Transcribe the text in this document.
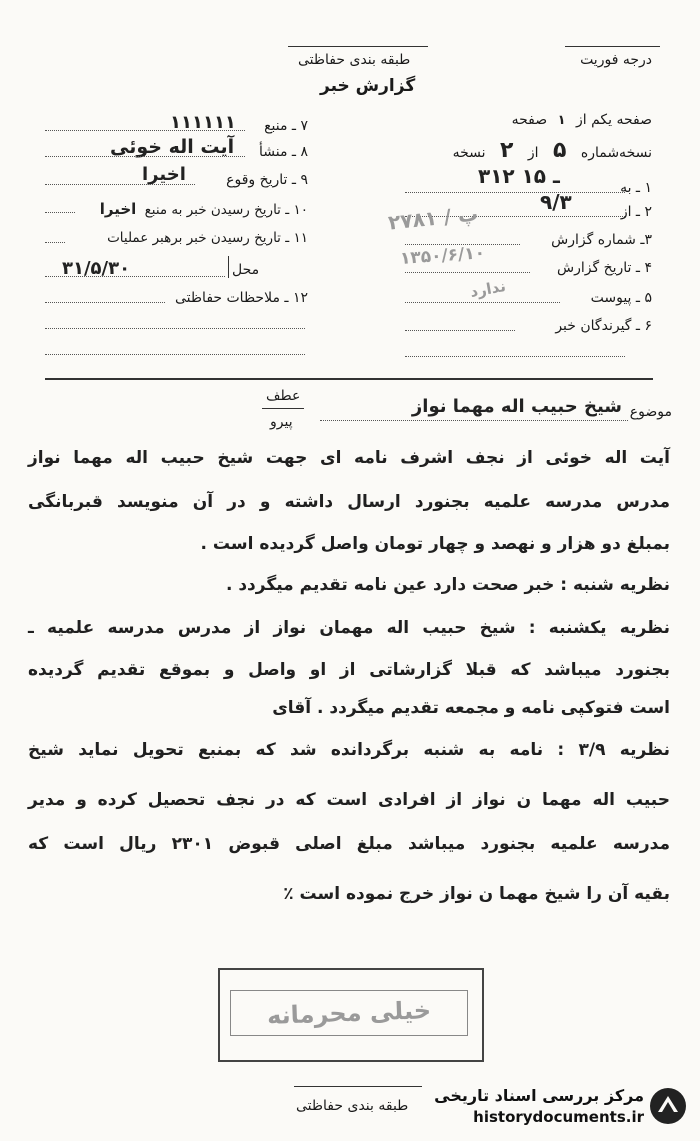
درجه فوریت
طبقه بندی حفاظتی
گزارش خبر
صفحه یکم از ۱ صفحه
نسخه‌شماره ۵ از ۲ نسخه
۱ ـ به
۳۱۲ ـ ۱۵
۲ ـ از
۹/۳
۳ـ شماره گزارش
۲۷۸۱ / پ
۴ ـ تاریخ گزارش
۱۳۵۰/۶/۱۰
۵ ـ پیوست
ندارد
۶ ـ گیرندگان خبر
۷ ـ منبع
۱۱۱۱۱۱
۸ ـ منشأ
آیت اله خوئی
۹ ـ تاریخ وقوع
اخیرا
۱۰ ـ تاریخ رسیدن خبر به منبع اخیرا
۱۱ ـ تاریخ رسیدن خبر برهبر عملیات
محل
۳۱/۵/۳۰
۱۲ ـ ملاحظات حفاظتی
موضوع
شیخ حبیب اله مهما نواز
عطف
پیرو
آیت اله خوئی از نجف اشرف نامه ای جهت شیخ حبیب اله مهما نواز
مدرس مدرسه علمیه بجنورد ارسال داشته و در آن منویسد قبربانگی
بمبلغ دو هزار و نهصد و چهار تومان واصل گردیده است .
نظریه شنبه : خبر صحت دارد عین نامه تقدیم میگردد .
نظریه یکشنبه : شیخ حبیب اله مهمان نواز از مدرس مدرسه علمیه ـ
بجنورد میباشد که قبلا گزارشاتی از او واصل و بموقع تقدیم گردیده
است فتوکپی نامه و مجمعه تقدیم میگردد . آقای
نظریه ۳/۹ : نامه به شنبه برگردانده شد که بمنبع تحویل نماید شیخ
حبیب اله مهما ن نواز از افرادی است که در نجف تحصیل کرده و مدیر
مدرسه علمیه بجنورد میباشد مبلغ اصلی قبوض ۲۳۰۱ ریال است که
بقیه آن را شیخ مهما ن نواز خرج نموده است ٪
خیلی محرمانه
طبقه بندی حفاظتی
مرکز بررسی اسناد تاریخی
historydocuments.ir
